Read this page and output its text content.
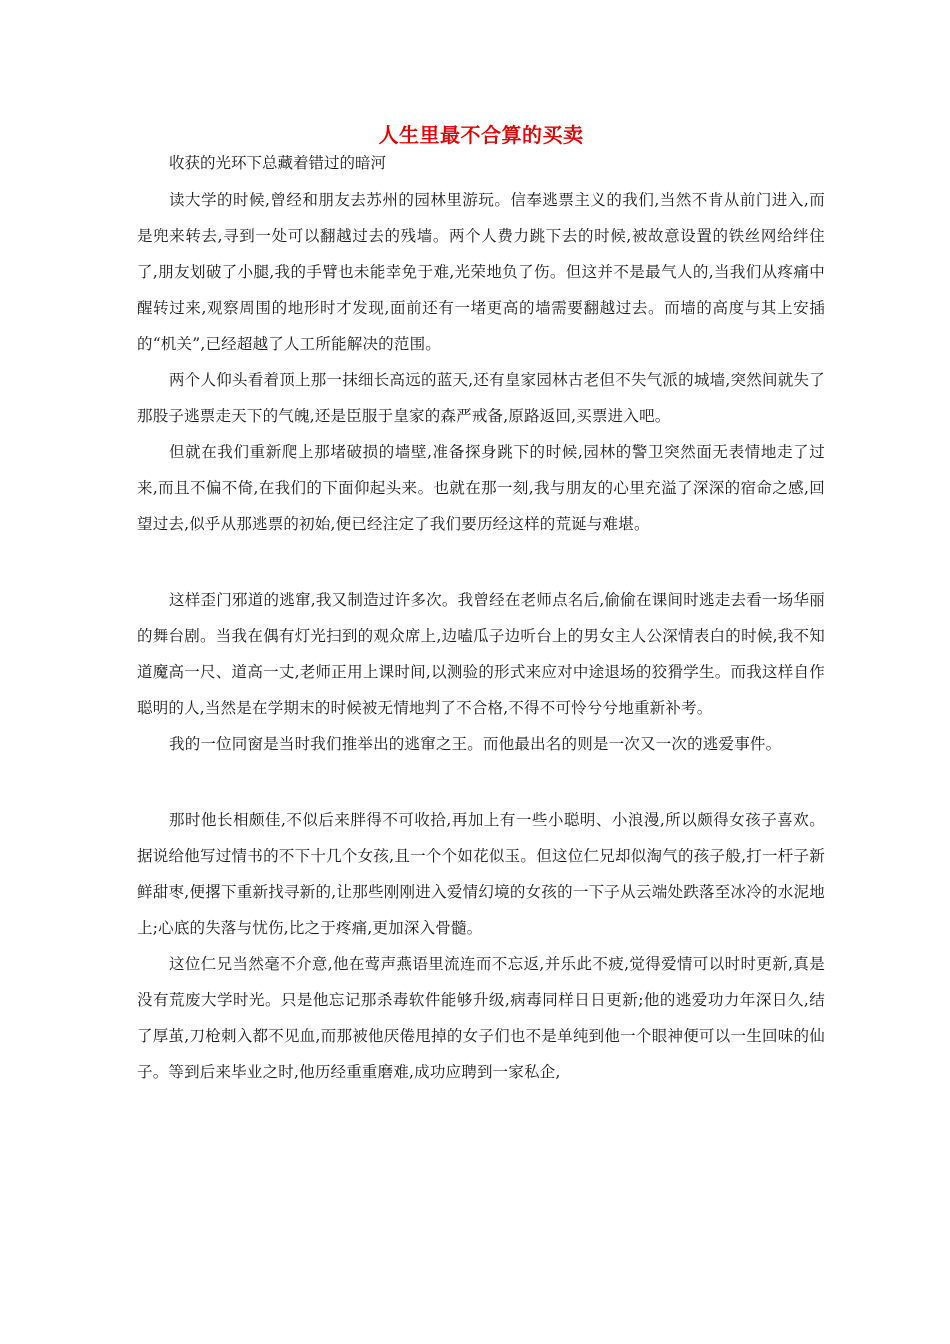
人生里最不合算的买卖

收获的光环下总藏着错过的暗河

读大学的时候,曾经和朋友去苏州的园林里游玩。信奉逃票主义的我们,当然不肯从前门进入,而是兜来转去,寻到一处可以翻越过去的残墙。两个人费力跳下去的时候,被故意设置的铁丝网给绊住了,朋友划破了小腿,我的手臂也未能幸免于难,光荣地负了伤。但这并不是最气人的,当我们从疼痛中醒转过来,观察周围的地形时才发现,面前还有一堵更高的墙需要翻越过去。而墙的高度与其上安插的“机关”,已经超越了人工所能解决的范围。

两个人仰头看着顶上那一抹细长高远的蓝天,还有皇家园林古老但不失气派的城墙,突然间就失了那股子逃票走天下的气魄,还是臣服于皇家的森严戒备,原路返回,买票进入吧。

但就在我们重新爬上那堵破损的墙壁,准备探身跳下的时候,园林的警卫突然面无表情地走了过来,而且不偏不倚,在我们的下面仰起头来。也就在那一刻,我与朋友的心里充溢了深深的宿命之感,回望过去,似乎从那逃票的初始,便已经注定了我们要历经这样的荒诞与难堪。

这样歪门邪道的逃窜,我又制造过许多次。我曾经在老师点名后,偷偷在课间时逃走去看一场华丽的舞台剧。当我在偶有灯光扫到的观众席上,边嗑瓜子边听台上的男女主人公深情表白的时候,我不知道魔高一尺、道高一丈,老师正用上课时间,以测验的形式来应对中途退场的狡猾学生。而我这样自作聪明的人,当然是在学期末的时候被无情地判了不合格,不得不可怜兮兮地重新补考。

我的一位同窗是当时我们推举出的逃窜之王。而他最出名的则是一次又一次的逃爱事件。

那时他长相颇佳,不似后来胖得不可收拾,再加上有一些小聪明、小浪漫,所以颇得女孩子喜欢。据说给他写过情书的不下十几个女孩,且一个个如花似玉。但这位仁兄却似淘气的孩子般,打一杆子新鲜甜枣,便撂下重新找寻新的,让那些刚刚进入爱情幻境的女孩的一下子从云端处跌落至冰冷的水泥地上;心底的失落与忧伤,比之于疼痛,更加深入骨髓。

这位仁兄当然毫不介意,他在莺声燕语里流连而不忘返,并乐此不疲,觉得爱情可以时时更新,真是没有荒废大学时光。只是他忘记那杀毒软件能够升级,病毒同样日日更新;他的逃爱功力年深日久,结了厚茧,刀枪刺入都不见血,而那被他厌倦甩掉的女子们也不是单纯到他一个眼神便可以一生回味的仙子。等到后来毕业之时,他历经重重磨难,成功应聘到一家私企,
